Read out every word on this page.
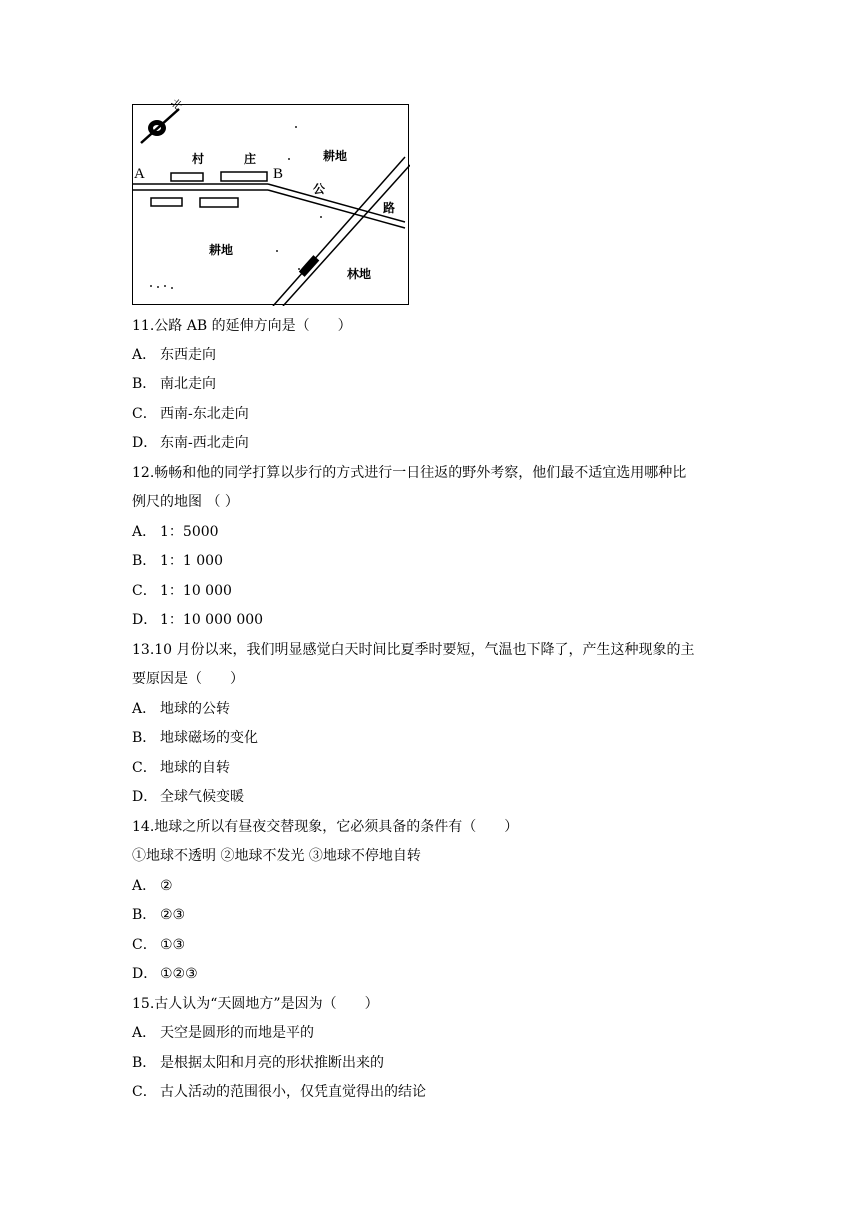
北
A	B
村	庄	耕地
耕地
公
路
林地
11.公路 AB 的延伸方向是（　　）
A． 东西走向
B． 南北走向
C． 西南-东北走向
D． 东南-西北走向
12.畅畅和他的同学打算以步行的方式进行一日往返的野外考察，他们最不适宜选用哪种比
例尺的地图 （ ）
A． 1：5000
B． 1：1 000
C． 1：10 000
D． 1：10 000 000
13.10 月份以来，我们明显感觉白天时间比夏季时要短，气温也下降了，产生这种现象的主
要原因是（　　）
A． 地球的公转
B． 地球磁场的变化
C． 地球的自转
D． 全球气候变暖
14.地球之所以有昼夜交替现象，它必须具备的条件有（　　）
①地球不透明 ②地球不发光 ③地球不停地自转
A． ②
B． ②③
C． ①③
D． ①②③
15.古人认为“天圆地方”是因为（　　）
A． 天空是圆形的而地是平的
B． 是根据太阳和月亮的形状推断出来的
C． 古人活动的范围很小，仅凭直觉得出的结论
